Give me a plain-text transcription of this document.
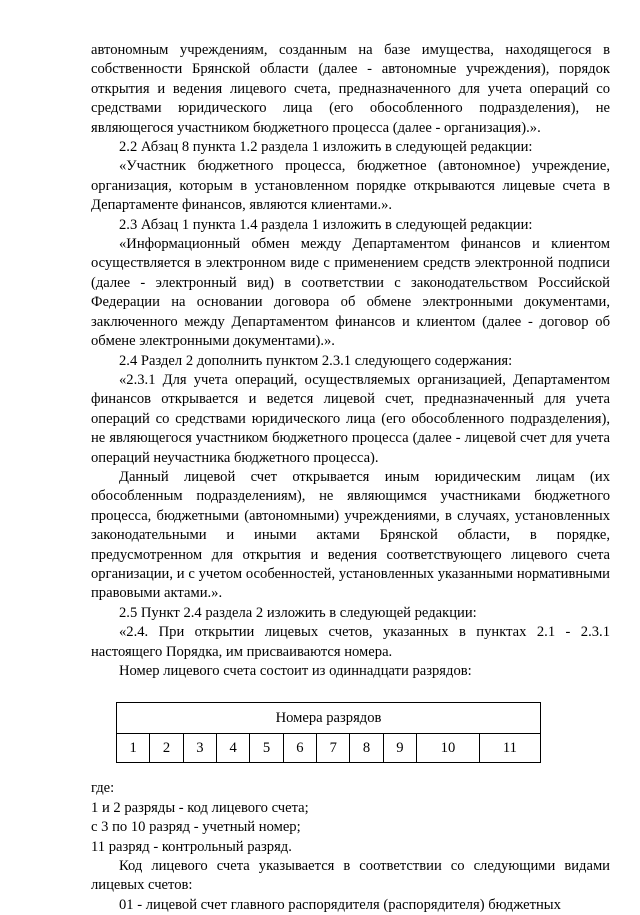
автономным учреждениям, созданным на базе имущества, находящегося в собственности Брянской области (далее - автономные учреждения), порядок открытия и ведения лицевого счета, предназначенного для учета операций со средствами юридического лица (его обособленного подразделения), не являющегося участником бюджетного процесса (далее - организация).».

2.2 Абзац 8 пункта 1.2 раздела 1 изложить в следующей редакции:

«Участник бюджетного процесса, бюджетное (автономное) учреждение, организация, которым в установленном порядке открываются лицевые счета в Департаменте финансов, являются клиентами.».

2.3 Абзац 1 пункта 1.4 раздела 1 изложить в следующей редакции:

«Информационный обмен между Департаментом финансов и клиентом осуществляется в электронном виде с применением средств электронной подписи (далее - электронный вид) в соответствии с законодательством Российской Федерации на основании договора об обмене электронными документами, заключенного между Департаментом финансов и клиентом (далее - договор об обмене электронными документами).».

2.4 Раздел 2 дополнить пунктом 2.3.1 следующего содержания:

«2.3.1 Для учета операций, осуществляемых организацией, Департаментом финансов открывается и ведется лицевой счет, предназначенный для учета операций со средствами юридического лица (его обособленного подразделения), не являющегося участником бюджетного процесса (далее - лицевой счет для учета операций неучастника бюджетного процесса).

Данный лицевой счет открывается иным юридическим лицам (их обособленным подразделениям), не являющимся участниками бюджетного процесса, бюджетными (автономными) учреждениями, в случаях, установленных законодательными и иными актами Брянской области, в порядке, предусмотренном для открытия и ведения соответствующего лицевого счета организации, и с учетом особенностей, установленных указанными нормативными правовыми актами.».

2.5 Пункт 2.4 раздела 2 изложить в следующей редакции:

«2.4. При открытии лицевых счетов, указанных в пунктах 2.1 - 2.3.1 настоящего Порядка, им присваиваются номера.

Номер лицевого счета состоит из одиннадцати разрядов:

Номера разрядов
1	2	3	4	5	6	7	8	9	10	11

где:

1 и 2 разряды - код лицевого счета;

с 3 по 10 разряд - учетный номер;

11 разряд - контрольный разряд.

Код лицевого счета указывается в соответствии со следующими видами лицевых счетов:

01 - лицевой счет главного распорядителя (распорядителя) бюджетных
